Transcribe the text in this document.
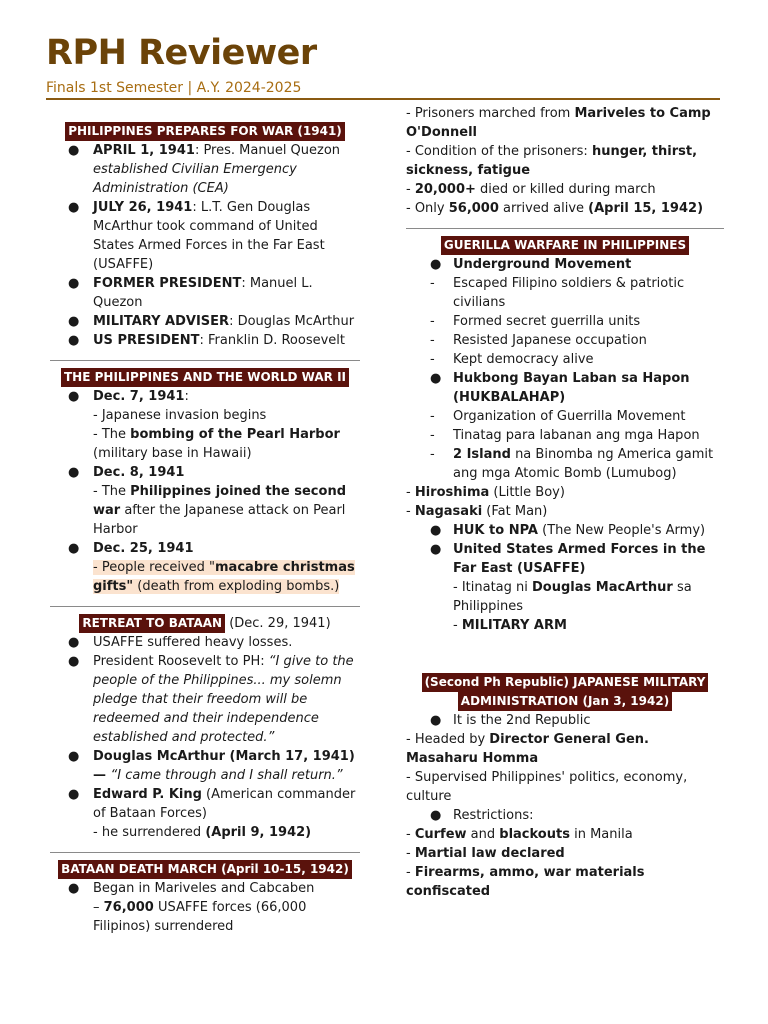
RPH Reviewer
Finals 1st Semester | A.Y. 2024-2025
PHILIPPINES PREPARES FOR WAR (1941)
● APRIL 1, 1941: Pres. Manuel Quezon established Civilian Emergency Administration (CEA)
● JULY 26, 1941: L.T. Gen Douglas McArthur took command of United States Armed Forces in the Far East (USAFFE)
● FORMER PRESIDENT: Manuel L. Quezon
● MILITARY ADVISER: Douglas McArthur
● US PRESIDENT: Franklin D. Roosevelt
THE PHILIPPINES AND THE WORLD WAR II
● Dec. 7, 1941:
- Japanese invasion begins
- The bombing of the Pearl Harbor (military base in Hawaii)
● Dec. 8, 1941
- The Philippines joined the second war after the Japanese attack on Pearl Harbor
● Dec. 25, 1941
- People received "macabre christmas gifts" (death from exploding bombs.)
RETREAT TO BATAAN (Dec. 29, 1941)
● USAFFE suffered heavy losses.
● President Roosevelt to PH: “I give to the people of the Philippines... my solemn pledge that their freedom will be redeemed and their independence established and protected.”
● Douglas McArthur (March 17, 1941)
— “I came through and I shall return.”
● Edward P. King (American commander of Bataan Forces)
- he surrendered (April 9, 1942)
BATAAN DEATH MARCH (April 10-15, 1942)
● Began in Mariveles and Cabcaben
– 76,000 USAFFE forces (66,000 Filipinos) surrendered
- Prisoners marched from Mariveles to Camp O'Donnell
- Condition of the prisoners: hunger, thirst, sickness, fatigue
- 20,000+ died or killed during march
- Only 56,000 arrived alive (April 15, 1942)
GUERILLA WARFARE IN PHILIPPINES
● Underground Movement
- Escaped Filipino soldiers & patriotic civilians
- Formed secret guerrilla units
- Resisted Japanese occupation
- Kept democracy alive
● Hukbong Bayan Laban sa Hapon (HUKBALAHAP)
- Organization of Guerrilla Movement
- Tinatag para labanan ang mga Hapon
- 2 Island na Binomba ng America gamit ang mga Atomic Bomb (Lumubog)
- Hiroshima (Little Boy)
- Nagasaki (Fat Man)
● HUK to NPA (The New People's Army)
● United States Armed Forces in the Far East (USAFFE)
- Itinatag ni Douglas MacArthur sa Philippines
- MILITARY ARM
(Second Ph Republic) JAPANESE MILITARY
ADMINISTRATION (Jan 3, 1942)
● It is the 2nd Republic
- Headed by Director General Gen. Masaharu Homma
- Supervised Philippines' politics, economy, culture
● Restrictions:
- Curfew and blackouts in Manila
- Martial law declared
- Firearms, ammo, war materials confiscated
